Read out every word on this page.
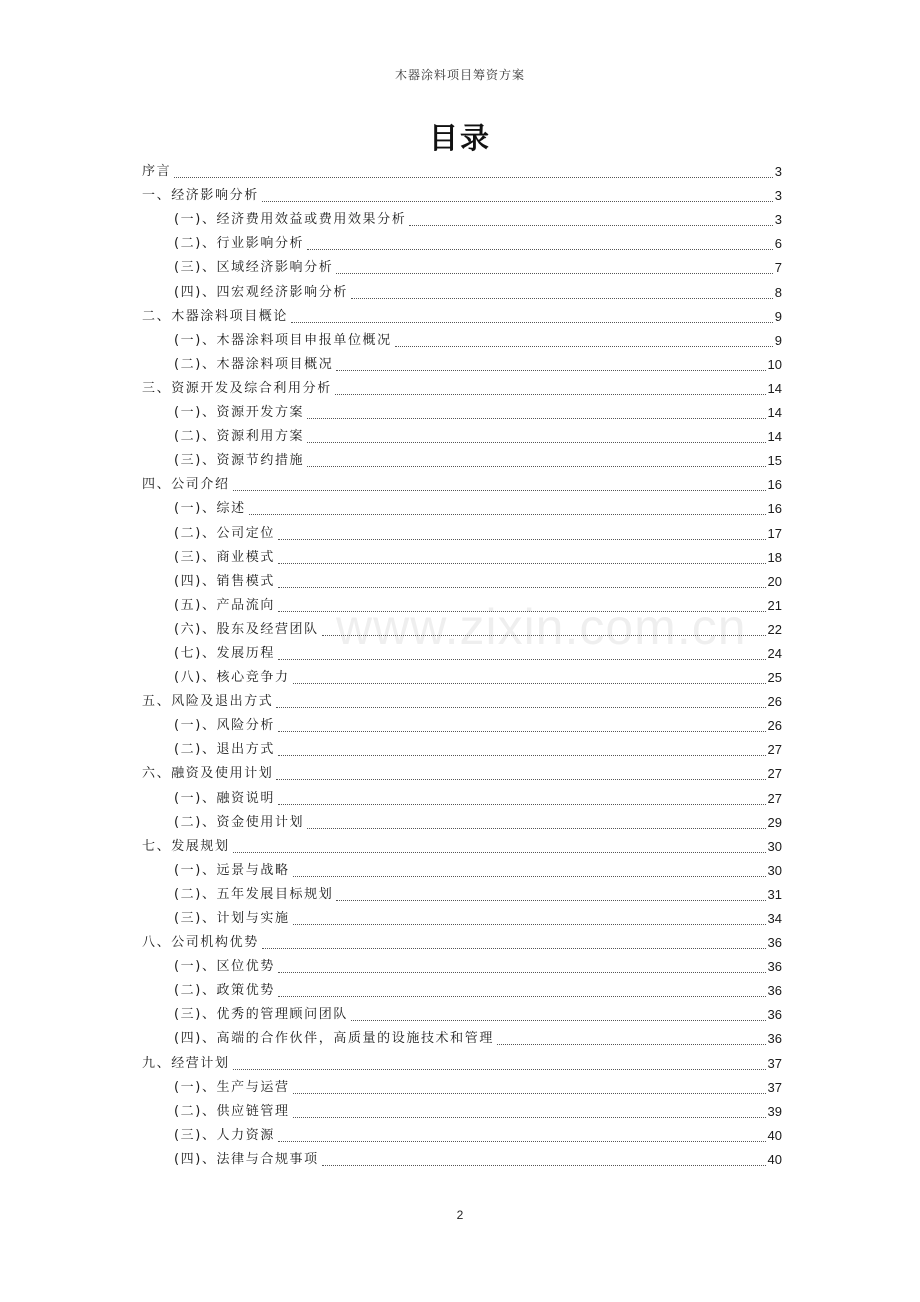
木器涂料项目筹资方案
目录
序言	3
一、经济影响分析	3
(一)、经济费用效益或费用效果分析	3
(二)、行业影响分析	6
(三)、区域经济影响分析	7
(四)、四宏观经济影响分析	8
二、木器涂料项目概论	9
(一)、木器涂料项目申报单位概况	9
(二)、木器涂料项目概况	10
三、资源开发及综合利用分析	14
(一)、资源开发方案	14
(二)、资源利用方案	14
(三)、资源节约措施	15
四、公司介绍	16
(一)、综述	16
(二)、公司定位	17
(三)、商业模式	18
(四)、销售模式	20
(五)、产品流向	21
(六)、股东及经营团队	22
(七)、发展历程	24
(八)、核心竞争力	25
五、风险及退出方式	26
(一)、风险分析	26
(二)、退出方式	27
六、融资及使用计划	27
(一)、融资说明	27
(二)、资金使用计划	29
七、发展规划	30
(一)、远景与战略	30
(二)、五年发展目标规划	31
(三)、计划与实施	34
八、公司机构优势	36
(一)、区位优势	36
(二)、政策优势	36
(三)、优秀的管理顾问团队	36
(四)、高端的合作伙伴，高质量的设施技术和管理	36
九、经营计划	37
(一)、生产与运营	37
(二)、供应链管理	39
(三)、人力资源	40
(四)、法律与合规事项	40
www.zixin.com.cn
2
